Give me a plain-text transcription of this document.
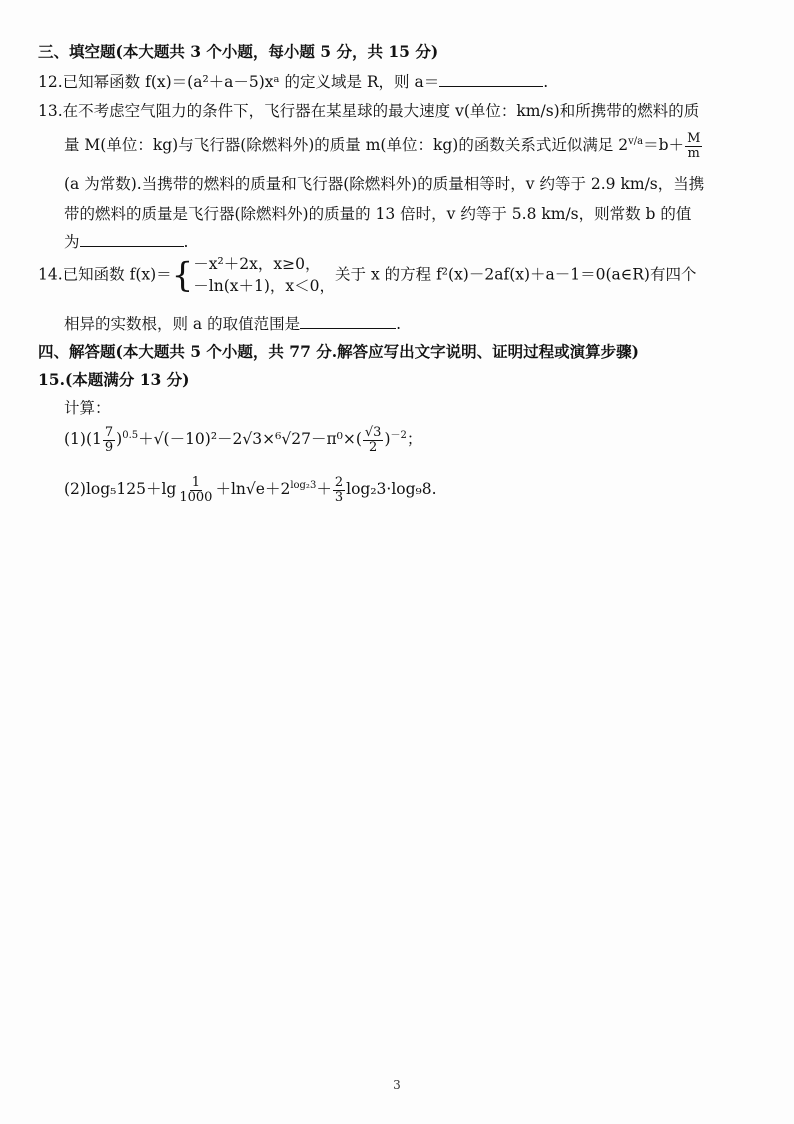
三、填空题(本大题共 3 个小题，每小题 5 分，共 15 分)
12.已知幂函数 f(x)＝(a²＋a－5)xᵃ 的定义域是 R，则 a＝	.
13.在不考虑空气阻力的条件下，飞行器在某星球的最大速度 v(单位：km/s)和所携带的燃料的质
量 M(单位：kg)与飞行器(除燃料外)的质量 m(单位：kg)的函数关系式近似满足 $2^{v/a}=b+ \frac{M}{m}$
(a 为常数).当携带的燃料的质量和飞行器(除燃料外)的质量相等时，v 约等于 2.9 km/s，当携
带的燃料的质量是飞行器(除燃料外)的质量的 13 倍时，v 约等于 5.8 km/s，则常数 b 的值
为	.
14.已知函数 f(x)＝{ －x²＋2x，x≥0，
－ln(x＋1)，x＜0，
关于 x 的方程 f²(x)－2af(x)＋a－1＝0(a∈R)有四个
相异的实数根，则 a 的取值范围是	.
四、解答题(本大题共 5 个小题，共 77 分.解答应写出文字说明、证明过程或演算步骤)
15.(本题满分 13 分)
计算：
$(1)(1 \frac{7}{9} )^{0.5}+√(-10)^2-2√3\times^6√27-\pi^0\times( \frac{√3}{2} )^{-2}$；
$(2)\log_5125+\lg \frac{1}{1000} +\ln√e+2^{log_23}+ \frac{2}{3} \log_23\cdot\log_98$.
3
